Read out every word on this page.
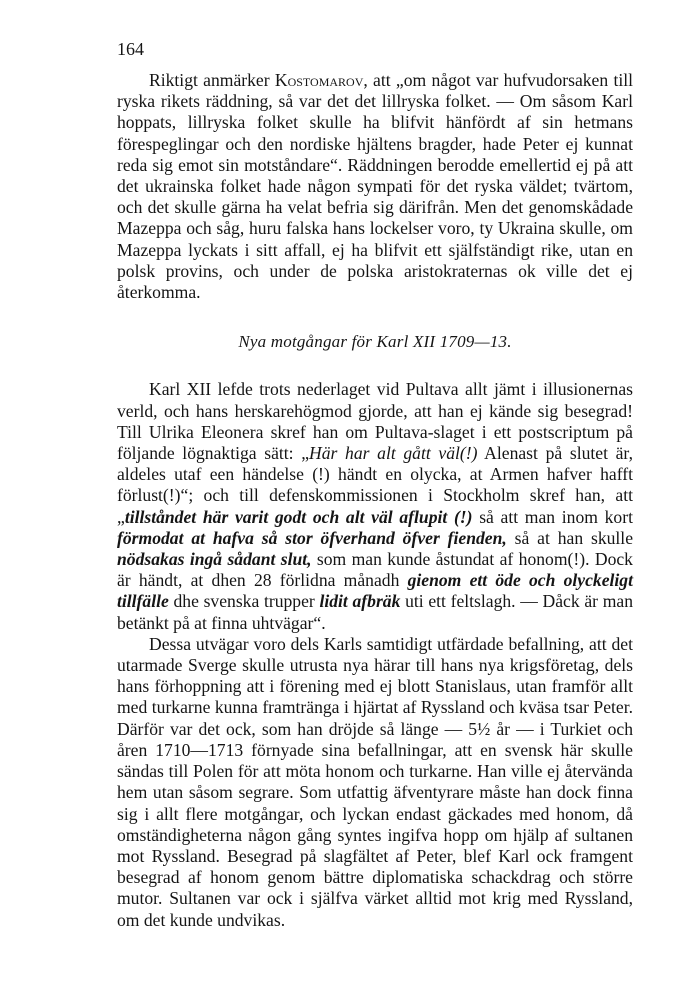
164

Riktigt anmärker Kostomarov, att „om något var hufvudorsaken till ryska rikets räddning, så var det det lillryska folket. — Om såsom Karl hoppats, lillryska folket skulle ha blifvit hänfördt af sin hetmans förespeglingar och den nordiske hjältens bragder, hade Peter ej kunnat reda sig emot sin motståndare“. Räddningen berodde emellertid ej på att det ukrainska folket hade någon sympati för det ryska väldet; tvärtom, och det skulle gärna ha velat befria sig därifrån. Men det genomskådade Mazeppa och såg, huru falska hans lockelser voro, ty Ukraina skulle, om Mazeppa lyckats i sitt affall, ej ha blifvit ett själfständigt rike, utan en polsk provins, och under de polska aristokraternas ok ville det ej återkomma.

Nya motgångar för Karl XII 1709—13.

Karl XII lefde trots nederlaget vid Pultava allt jämt i illusionernas verld, och hans herskarehögmod gjorde, att han ej kände sig besegrad! Till Ulrika Eleonera skref han om Pultava-slaget i ett postscriptum på följande lögnaktiga sätt: „Här har alt gått väl(!) Alenast på slutet är, aldeles utaf een händelse (!) händt en olycka, at Armen hafver hafft förlust(!)“; och till defenskommissionen i Stockholm skref han, att „tillståndet här varit godt och alt väl aflupit (!) så att man inom kort förmodat at hafva så stor öfverhand öfver fienden, så at han skulle nödsakas ingå sådant slut, som man kunde åstundat af honom(!). Dock är händt, at dhen 28 förlidna månadh gienom ett öde och olyckeligt tillfälle dhe svenska trupper lidit afbräk uti ett feltslagh. — Dåck är man betänkt på at finna uhtvägar“.

Dessa utvägar voro dels Karls samtidigt utfärdade befallning, att det utarmade Sverge skulle utrusta nya härar till hans nya krigsföretag, dels hans förhoppning att i förening med ej blott Stanislaus, utan framför allt med turkarne kunna framtränga i hjärtat af Ryssland och kväsa tsar Peter. Därför var det ock, som han dröjde så länge — 5½ år — i Turkiet och åren 1710—1713 förnyade sina befallningar, att en svensk här skulle sändas till Polen för att möta honom och turkarne. Han ville ej återvända hem utan såsom segrare. Som utfattig äfventyrare måste han dock finna sig i allt flere motgångar, och lyckan endast gäckades med honom, då omständigheterna någon gång syntes ingifva hopp om hjälp af sultanen mot Ryssland. Besegrad på slagfältet af Peter, blef Karl ock framgent besegrad af honom genom bättre diplomatiska schackdrag och större mutor. Sultanen var ock i själfva värket alltid mot krig med Ryssland, om det kunde undvikas.
